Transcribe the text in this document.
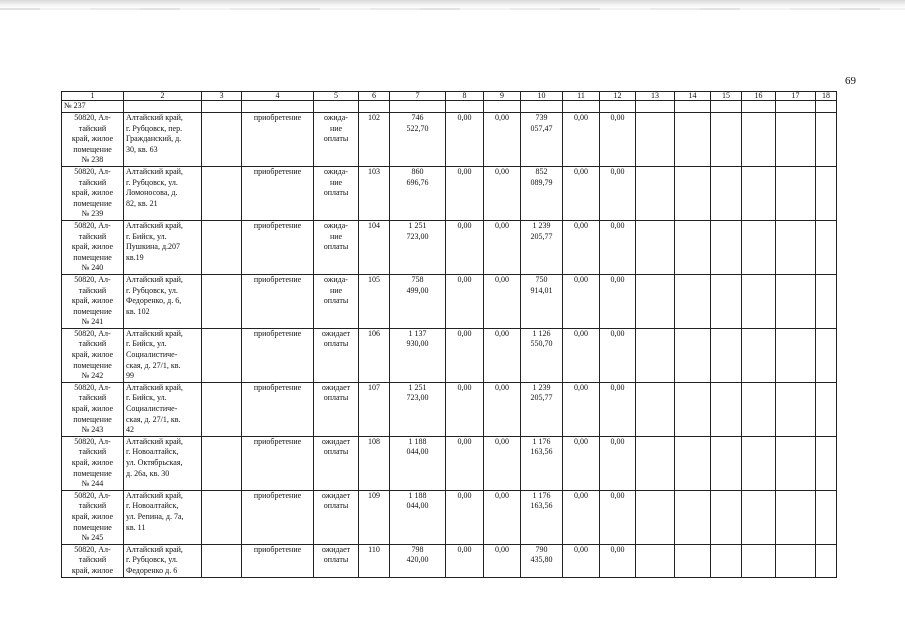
69
1	2	3	4	5	6	7	8	9	10	11	12	13	14	15	16	17	18
№ 237																	

50820, Ал-
тайский
край, жилое
помещение
№ 238	Алтайский край,
г. Рубцовск, пер.
Гражданский, д.
30, кв. 63		приобретение	ожида-
ние
оплаты	102	746
522,70	0,00	0,00	739
057,47	0,00	0,00						

50820, Ал-
тайский
край, жилое
помещение
№ 239	Алтайский край,
г. Рубцовск, ул.
Ломоносова, д.
82, кв. 21		приобретение	ожида-
ние
оплаты	103	860
696,76	0,00	0,00	852
089,79	0,00	0,00						

50820, Ал-
тайский
край, жилое
помещение
№ 240	Алтайский край,
г. Бийск, ул.
Пушкина, д.207
кв.19		приобретение	ожида-
ние
оплаты	104	1 251
723,00	0,00	0,00	1 239
205,77	0,00	0,00						

50820, Ал-
тайский
край, жилое
помещение
№ 241	Алтайский край,
г. Рубцовск, ул.
Федоренко, д. 6,
кв. 102		приобретение	ожида-
ние
оплаты	105	758
499,00	0,00	0,00	750
914,01	0,00	0,00						

50820, Ал-
тайский
край, жилое
помещение
№ 242	Алтайский край,
г. Бийск, ул.
Социалистиче-
ская, д. 27/1, кв.
99		приобретение	ожидает
оплаты	106	1 137
930,00	0,00	0,00	1 126
550,70	0,00	0,00						

50820, Ал-
тайский
край, жилое
помещение
№ 243	Алтайский край,
г. Бийск, ул.
Социалистиче-
ская, д. 27/1, кв.
42		приобретение	ожидает
оплаты	107	1 251
723,00	0,00	0,00	1 239
205,77	0,00	0,00						

50820, Ал-
тайский
край, жилое
помещение
№ 244	Алтайский край,
г. Новоалтайск,
ул. Октябрьская,
д. 26а, кв. 30		приобретение	ожидает
оплаты	108	1 188
044,00	0,00	0,00	1 176
163,56	0,00	0,00						

50820, Ал-
тайский
край, жилое
помещение
№ 245	Алтайский край,
г. Новоалтайск,
ул. Репина, д. 7а,
кв. 11		приобретение	ожидает
оплаты	109	1 188
044,00	0,00	0,00	1 176
163,56	0,00	0,00						

50820, Ал-
тайский
край, жилое	Алтайский край,
г. Рубцовск, ул.
Федоренко д. 6		приобретение	ожидает
оплаты	110	798
420,00	0,00	0,00	790
435,80	0,00	0,00						
